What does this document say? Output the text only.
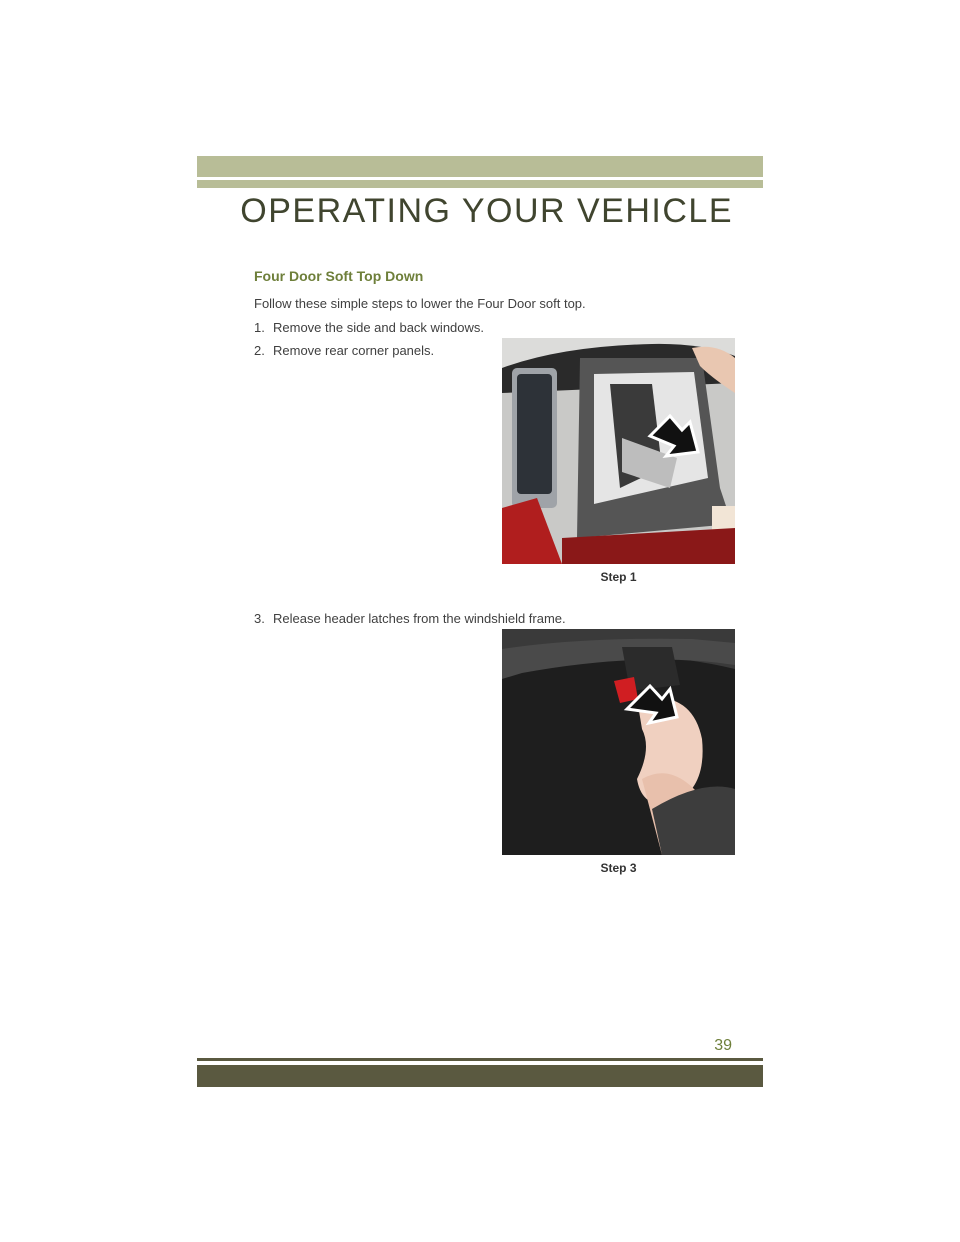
OPERATING YOUR VEHICLE
Four Door Soft Top Down
Follow these simple steps to lower the Four Door soft top.
1. Remove the side and back windows.
2. Remove rear corner panels.
Step 1
3. Release header latches from the windshield frame.
Step 3
39
